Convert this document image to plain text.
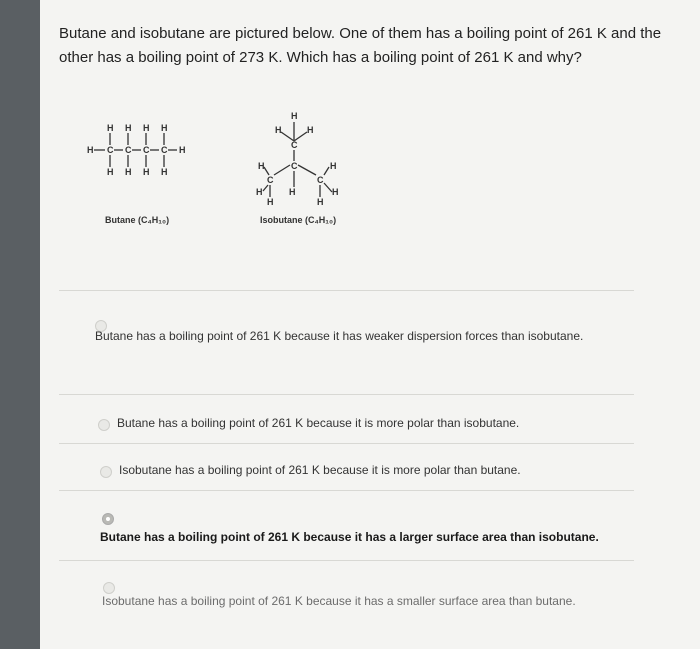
Butane and isobutane are pictured below. One of them has a boiling point of 261 K and the other has a boiling point of 273 K. Which has a boiling point of 261 K and why?

H H H H
H C C C C H
H H H H
Butane (C₄H₁₀)
H
H	H
C
C
C
H
H
H
C
H
H
H
H
Isobutane (C₄H₁₀)
Butane has a boiling point of 261 K because it has weaker dispersion forces than isobutane.
Butane has a boiling point of 261 K because it is more polar than isobutane.
Isobutane has a boiling point of 261 K because it is more polar than butane.
Butane has a boiling point of 261 K because it has a larger surface area than isobutane.
Isobutane has a boiling point of 261 K because it has a smaller surface area than butane.
